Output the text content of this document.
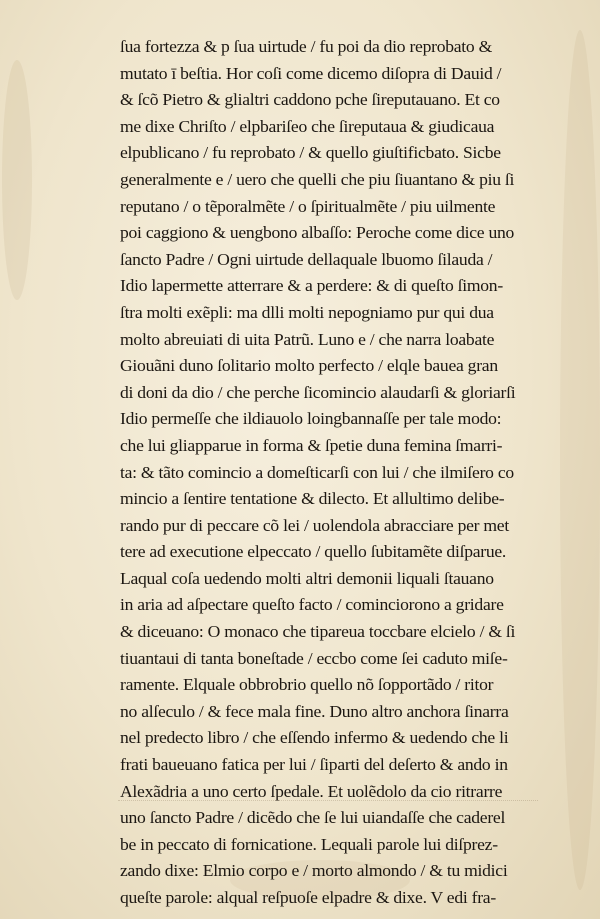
ſua fortezza & p ſua uirtude / fu poi da dio reprobato &
mutato ī beſtia. Hor coſi come dicemo diſopra di Dauid /
& ſcõ Pietro & glialtri caddono pche ſireputauano. Et co
me dixe Chriſto / elpbariſeo che ſireputaua & giudicaua
elpublicano / fu reprobato / & quello giuſtificbato. Sicbe
generalmente e / uero che quelli che piu ſiuantano & piu ſi
reputano / o tẽporalmẽte / o ſpiritualmẽte / piu uilmente
poi caggiono & uengbono albaſſo: Peroche come dice uno
ſancto Padre / Ogni uirtude dellaquale lbuomo ſilauda /
Idio lapermette atterrare & a perdere: & di queſto ſimon-
ſtra molti exẽpli: ma dlli molti nepogniamo pur qui dua
molto abreuiati di uita Patrũ. Luno e / che narra loabate
Giouãni duno ſolitario molto perfecto / elqle bauea gran
di doni da dio / che perche ſicomincio alaudarſi & gloriarſi
Idio permeſſe che ildiauolo loingbannaſſe per tale modo:
che lui gliapparue in forma & ſpetie duna femina ſmarri-
ta: & tãto comincio a domeſticarſi con lui / che ilmiſero co
mincio a ſentire tentatione & dilecto. Et allultimo delibe-
rando pur di peccare cõ lei / uolendola abracciare per met
tere ad executione elpeccato / quello ſubitamẽte diſparue.
Laqual coſa uedendo molti altri demonii liquali ſtauano
in aria ad aſpectare queſto facto / cominciorono a gridare
& diceuano: O monaco che tipareua toccbare elcielo / & ſi
tiuantaui di tanta boneſtade / eccbo come ſei caduto miſe-
ramente. Elquale obbrobrio quello nõ ſopportãdo / ritor
no alſeculo / & fece mala fine. Duno altro anchora ſinarra
nel predecto libro / che eſſendo infermo & uedendo che li
frati baueuano fatica per lui / ſiparti del deſerto & ando in
Alexãdria a uno certo ſpedale. Et uolẽdolo da cio ritrarre
uno ſancto Padre / dicẽdo che ſe lui uiandaſſe che caderel
be in peccato di fornicatione. Lequali parole lui diſprez-
zando dixe: Elmio corpo e / morto almondo / & tu midici
queſte parole: alqual reſpuoſe elpadre & dixe. V edi fra-
